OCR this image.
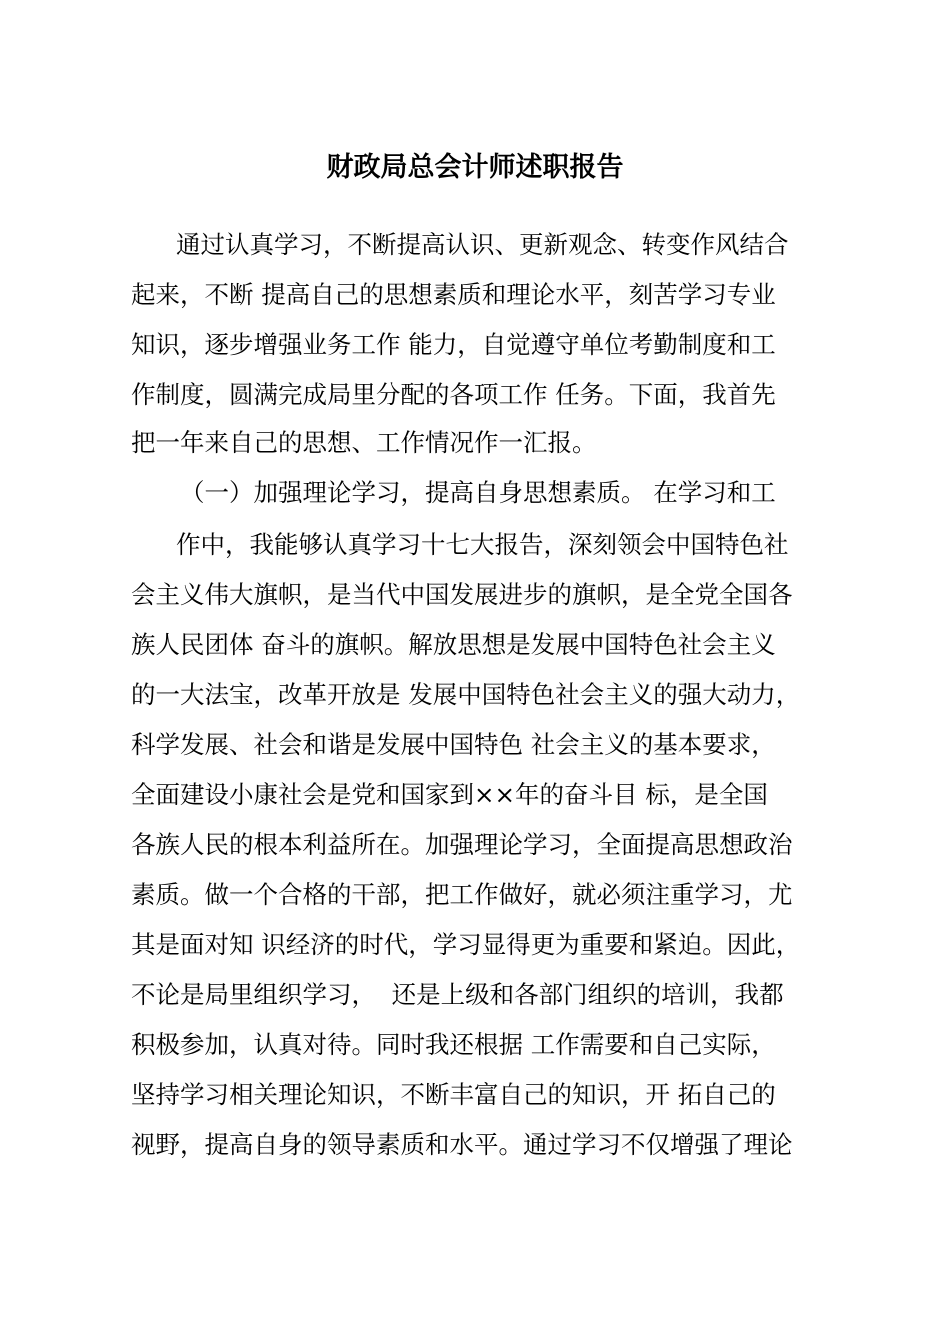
财政局总会计师述职报告

通过认真学习，不断提高认识、更新观念、转变作风结合

起来，不断 提高自己的思想素质和理论水平，刻苦学习专业

知识，逐步增强业务工作 能力，自觉遵守单位考勤制度和工

作制度，圆满完成局里分配的各项工作 任务。下面，我首先

把一年来自己的思想、工作情况作一汇报。

（一）加强理论学习，提高自身思想素质。 在学习和工

作中，我能够认真学习十七大报告，深刻领会中国特色社

会主义伟大旗帜，是当代中国发展进步的旗帜，是全党全国各

族人民团体 奋斗的旗帜。解放思想是发展中国特色社会主义

的一大法宝，改革开放是 发展中国特色社会主义的强大动力，

科学发展、社会和谐是发展中国特色 社会主义的基本要求，

全面建设小康社会是党和国家到××年的奋斗目 标，是全国

各族人民的根本利益所在。加强理论学习，全面提高思想政治

素质。做一个合格的干部，把工作做好，就必须注重学习，尤

其是面对知 识经济的时代，学习显得更为重要和紧迫。因此，

不论是局里组织学习，  还是上级和各部门组织的培训，我都

积极参加，认真对待。同时我还根据 工作需要和自己实际，

坚持学习相关理论知识，不断丰富自己的知识，开 拓自己的

视野，提高自身的领导素质和水平。通过学习不仅增强了理论
